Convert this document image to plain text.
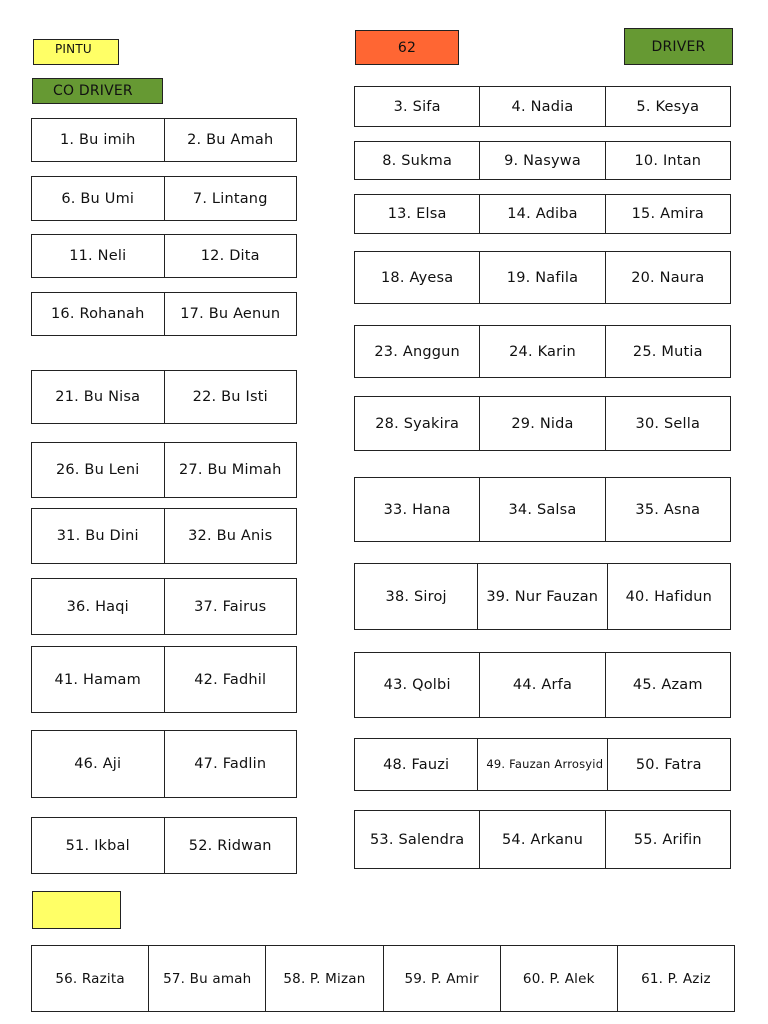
PINTU	62	DRIVER
CO DRIVER
1. Bu imih	2. Bu Amah
6. Bu Umi	7. Lintang
11. Neli	12. Dita
16. Rohanah	17. Bu Aenun
21. Bu Nisa	22. Bu Isti
26. Bu Leni	27. Bu Mimah
31. Bu Dini	32. Bu Anis
36. Haqi	37. Fairus
41. Hamam	42. Fadhil
46. Aji	47. Fadlin
51. Ikbal	52. Ridwan
3. Sifa	4. Nadia	5. Kesya
8. Sukma	9. Nasywa	10. Intan
13. Elsa	14. Adiba	15. Amira
18. Ayesa	19. Nafila	20. Naura
23. Anggun	24. Karin	25. Mutia
28. Syakira	29. Nida	30. Sella
33. Hana	34. Salsa	35. Asna
38. Siroj	39. Nur Fauzan	40. Hafidun
43. Qolbi	44. Arfa	45. Azam
48. Fauzi	49. Fauzan Arrosyid	50. Fatra
53. Salendra	54. Arkanu	55. Arifin
56. Razita	57. Bu amah	58. P. Mizan	59. P. Amir	60. P. Alek	61. P. Aziz
